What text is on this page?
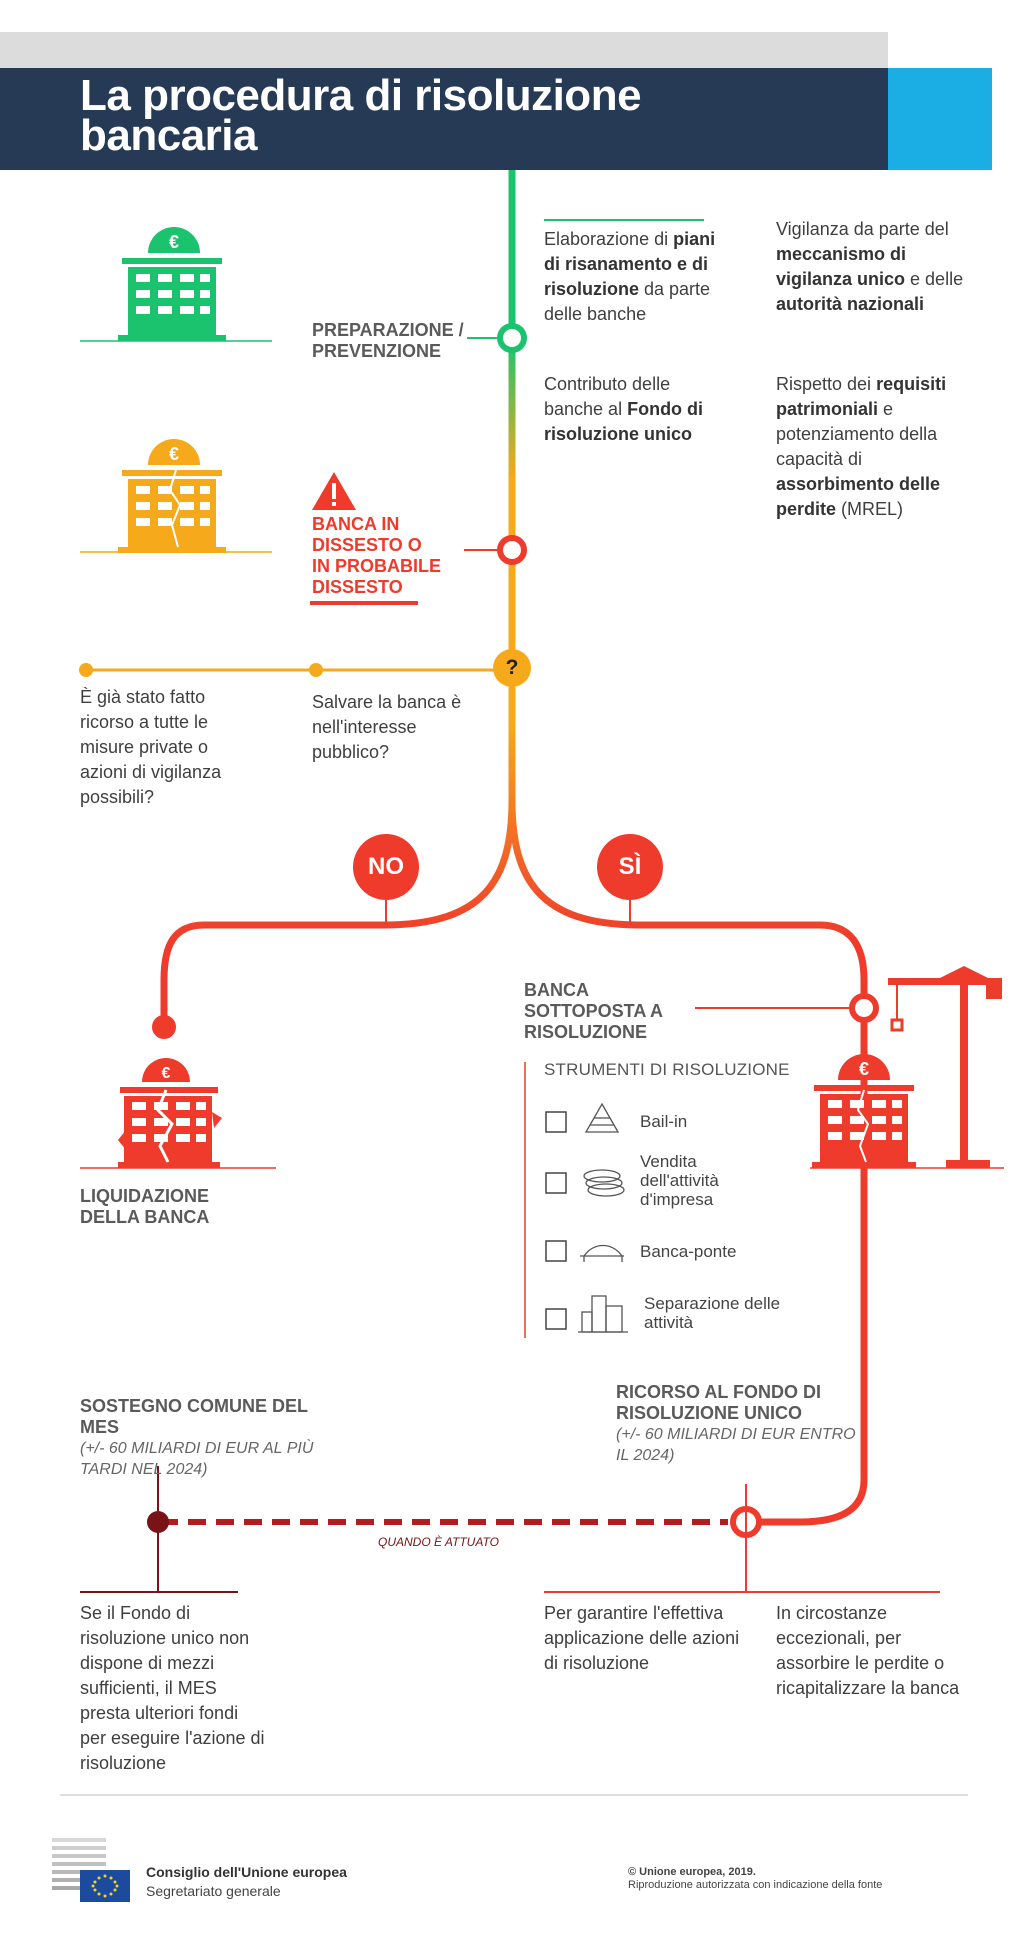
La procedura di risoluzione
bancaria
€
€
€	€
?
NO	SÌ
PREPARAZIONE /
PREVENZIONE
BANCA IN
DISSESTO O
IN PROBABILE
DISSESTO
BANCA
SOTTOPOSTA A
RISOLUZIONE
LIQUIDAZIONE
DELLA BANCA
Elaborazione di piani di risanamento e di risoluzione da parte delle banche
Vigilanza da parte del meccanismo di vigilanza unico e delle autorità nazionali
Contributo delle banche al Fondo di risoluzione unico
Rispetto dei requisiti patrimoniali e potenziamento della capacità di assorbimento delle perdite (MREL)
È già stato fatto ricorso a tutte le misure private o azioni di vigilanza possibili?
Salvare la banca è nell'interesse pubblico?
STRUMENTI DI RISOLUZIONE
Bail-in
Vendita dell'attività d'impresa
Banca-ponte
Separazione delle attività
SOSTEGNO COMUNE DEL MES
(+/- 60 MILIARDI DI EUR AL PIÙ TARDI NEL 2024)
RICORSO AL FONDO DI RISOLUZIONE UNICO
(+/- 60 MILIARDI DI EUR ENTRO IL 2024)
QUANDO È ATTUATO
Se il Fondo di risoluzione unico non dispone di mezzi sufficienti, il MES presta ulteriori fondi per eseguire l'azione di risoluzione
Per garantire l'effettiva applicazione delle azioni di risoluzione
In circostanze eccezionali, per assorbire le perdite o ricapitalizzare la banca
Consiglio dell'Unione europea
Segretariato generale
© Unione europea, 2019.
Riproduzione autorizzata con indicazione della fonte
